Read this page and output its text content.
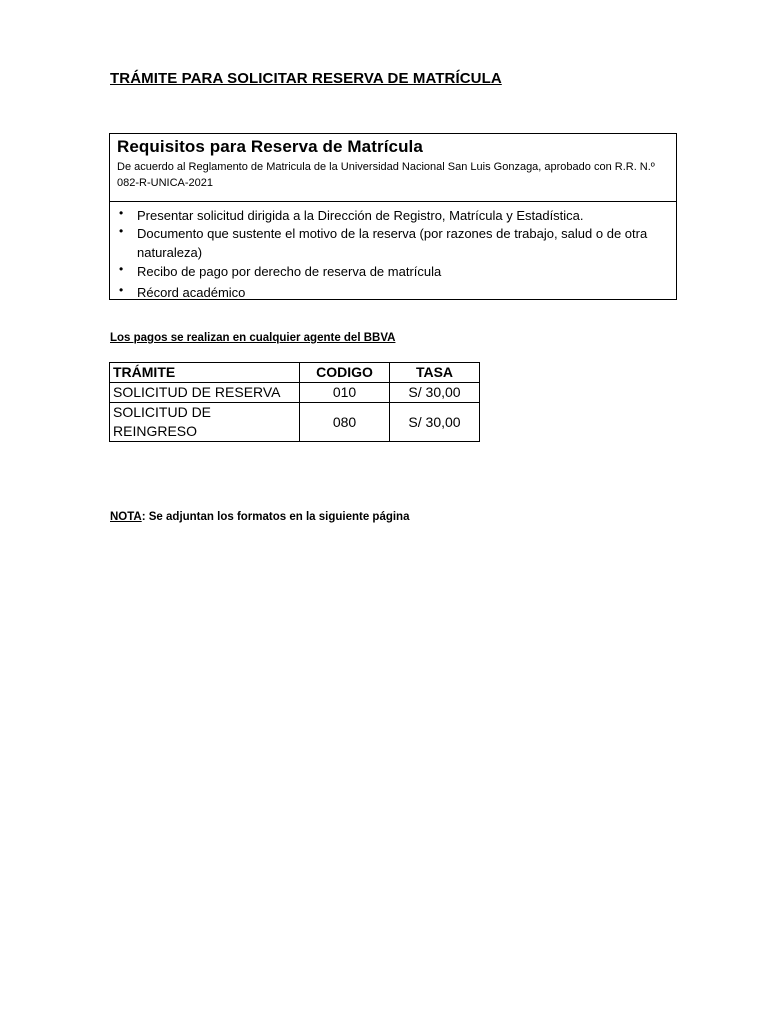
TRÁMITE PARA SOLICITAR RESERVA DE MATRÍCULA
Requisitos para Reserva de Matrícula
De acuerdo al Reglamento de Matricula de la Universidad Nacional San Luis Gonzaga, aprobado con R.R. N.º 082-R-UNICA-2021
• Presentar solicitud dirigida a la Dirección de Registro, Matrícula y Estadística.
• Documento que sustente el motivo de la reserva (por razones de trabajo, salud o de otra naturaleza)
• Recibo de pago por derecho de reserva de matrícula
• Récord académico
Los pagos se realizan en cualquier agente del BBVA
TRÁMITE	CODIGO	TASA
SOLICITUD DE RESERVA	010	S/ 30,00
SOLICITUD DE REINGRESO	080	S/ 30,00
NOTA: Se adjuntan los formatos en la siguiente página
